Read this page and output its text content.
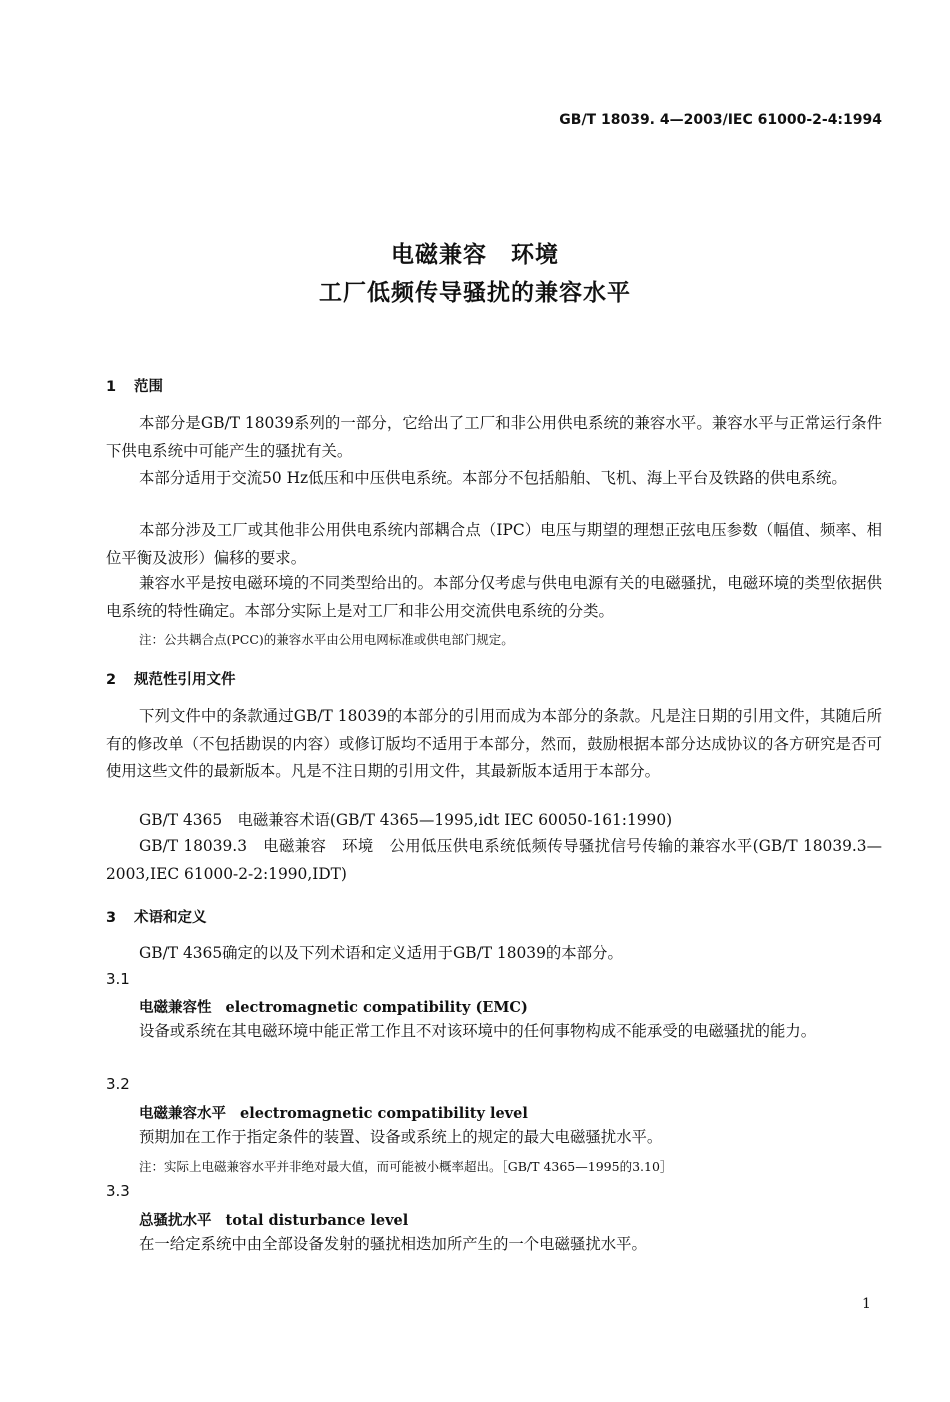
GB/T 18039. 4—2003/IEC 61000-2-4:1994
电磁兼容　环境
工厂低频传导骚扰的兼容水平
1 范围
本部分是GB/T 18039系列的一部分，它给出了工厂和非公用供电系统的兼容水平。兼容水平与正常运行条件下供电系统中可能产生的骚扰有关。
本部分适用于交流50 Hz低压和中压供电系统。本部分不包括船舶、飞机、海上平台及铁路的供电系统。
本部分涉及工厂或其他非公用供电系统内部耦合点（IPC）电压与期望的理想正弦电压参数（幅值、频率、相位平衡及波形）偏移的要求。
兼容水平是按电磁环境的不同类型给出的。本部分仅考虑与供电电源有关的电磁骚扰，电磁环境的类型依据供电系统的特性确定。本部分实际上是对工厂和非公用交流供电系统的分类。
注：公共耦合点(PCC)的兼容水平由公用电网标准或供电部门规定。
2 规范性引用文件
下列文件中的条款通过GB/T 18039的本部分的引用而成为本部分的条款。凡是注日期的引用文件，其随后所有的修改单（不包括勘误的内容）或修订版均不适用于本部分，然而，鼓励根据本部分达成协议的各方研究是否可使用这些文件的最新版本。凡是不注日期的引用文件，其最新版本适用于本部分。
GB/T 4365　电磁兼容术语(GB/T 4365—1995,idt IEC 60050-161:1990)
GB/T 18039.3　电磁兼容　环境　公用低压供电系统低频传导骚扰信号传输的兼容水平(GB/T 18039.3—2003,IEC 61000-2-2:1990,IDT)
3 术语和定义
GB/T 4365确定的以及下列术语和定义适用于GB/T 18039的本部分。
3.1
电磁兼容性 electromagnetic compatibility (EMC)
设备或系统在其电磁环境中能正常工作且不对该环境中的任何事物构成不能承受的电磁骚扰的能力。
3.2
电磁兼容水平 electromagnetic compatibility level
预期加在工作于指定条件的装置、设备或系统上的规定的最大电磁骚扰水平。
注：实际上电磁兼容水平并非绝对最大值，而可能被小概率超出。［GB/T 4365—1995的3.10］
3.3
总骚扰水平 total disturbance level
在一给定系统中由全部设备发射的骚扰相迭加所产生的一个电磁骚扰水平。
1
